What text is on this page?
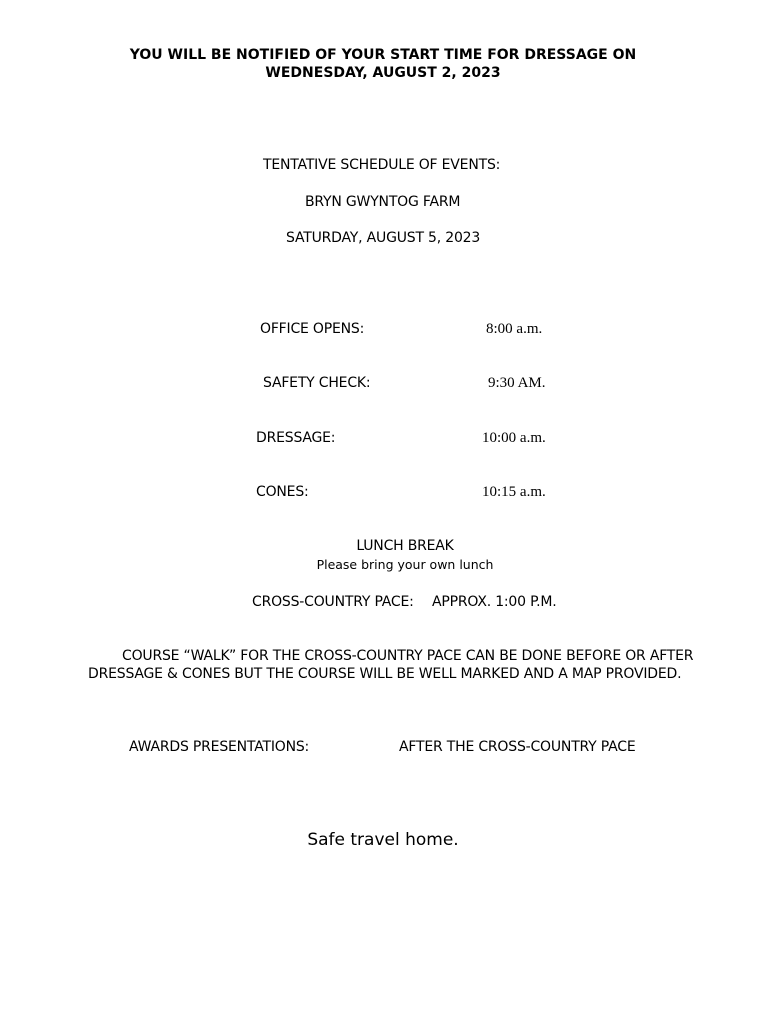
YOU WILL BE NOTIFIED OF YOUR START TIME FOR DRESSAGE ON
WEDNESDAY, AUGUST 2, 2023
TENTATIVE SCHEDULE OF EVENTS:
BRYN GWYNTOG FARM
SATURDAY, AUGUST 5, 2023
OFFICE OPENS:	8:00 a.m.
SAFETY CHECK:	9:30 AM.
DRESSAGE:	10:00 a.m.
CONES:	10:15 a.m.
LUNCH BREAK
Please bring your own lunch
CROSS-COUNTRY PACE: APPROX. 1:00 P.M.
COURSE “WALK” FOR THE CROSS-COUNTRY PACE CAN BE DONE BEFORE OR AFTER DRESSAGE & CONES BUT THE COURSE WILL BE WELL MARKED AND A MAP PROVIDED.
AWARDS PRESENTATIONS:	AFTER THE CROSS-COUNTRY PACE
Safe travel home.
